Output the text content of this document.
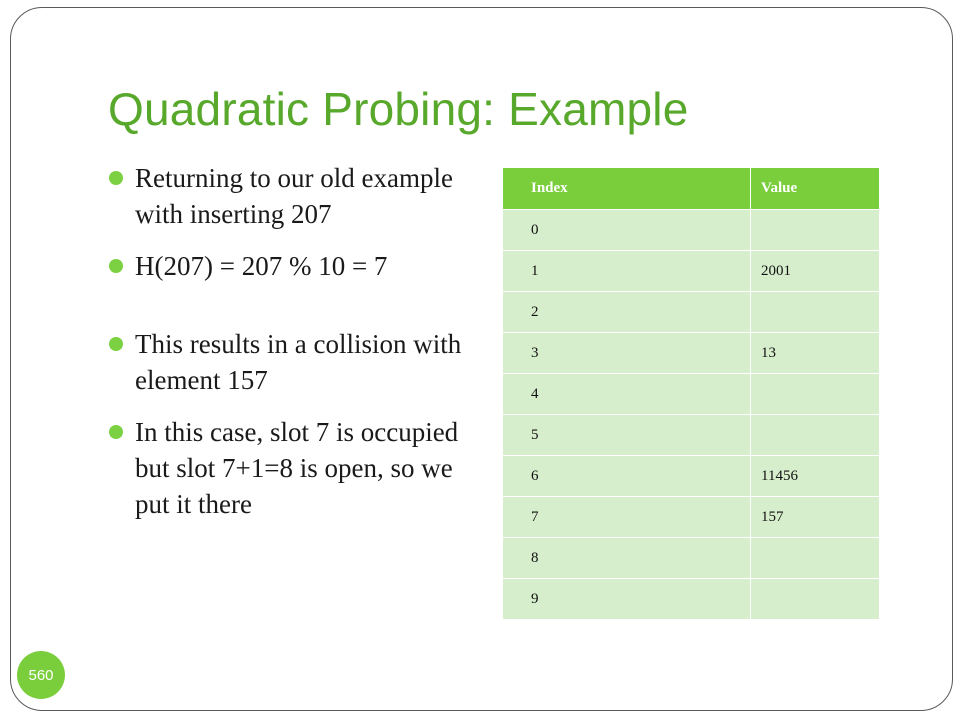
Quadratic Probing: Example
Returning to our old example with inserting 207
H(207) = 207 % 10 = 7
This results in a collision with element 157
In this case, slot 7 is occupied but slot 7+1=8 is open, so we put it there
Index	Value
0	
1	2001
2	
3	13
4	
5	
6	11456
7	157
8	
9	
560
